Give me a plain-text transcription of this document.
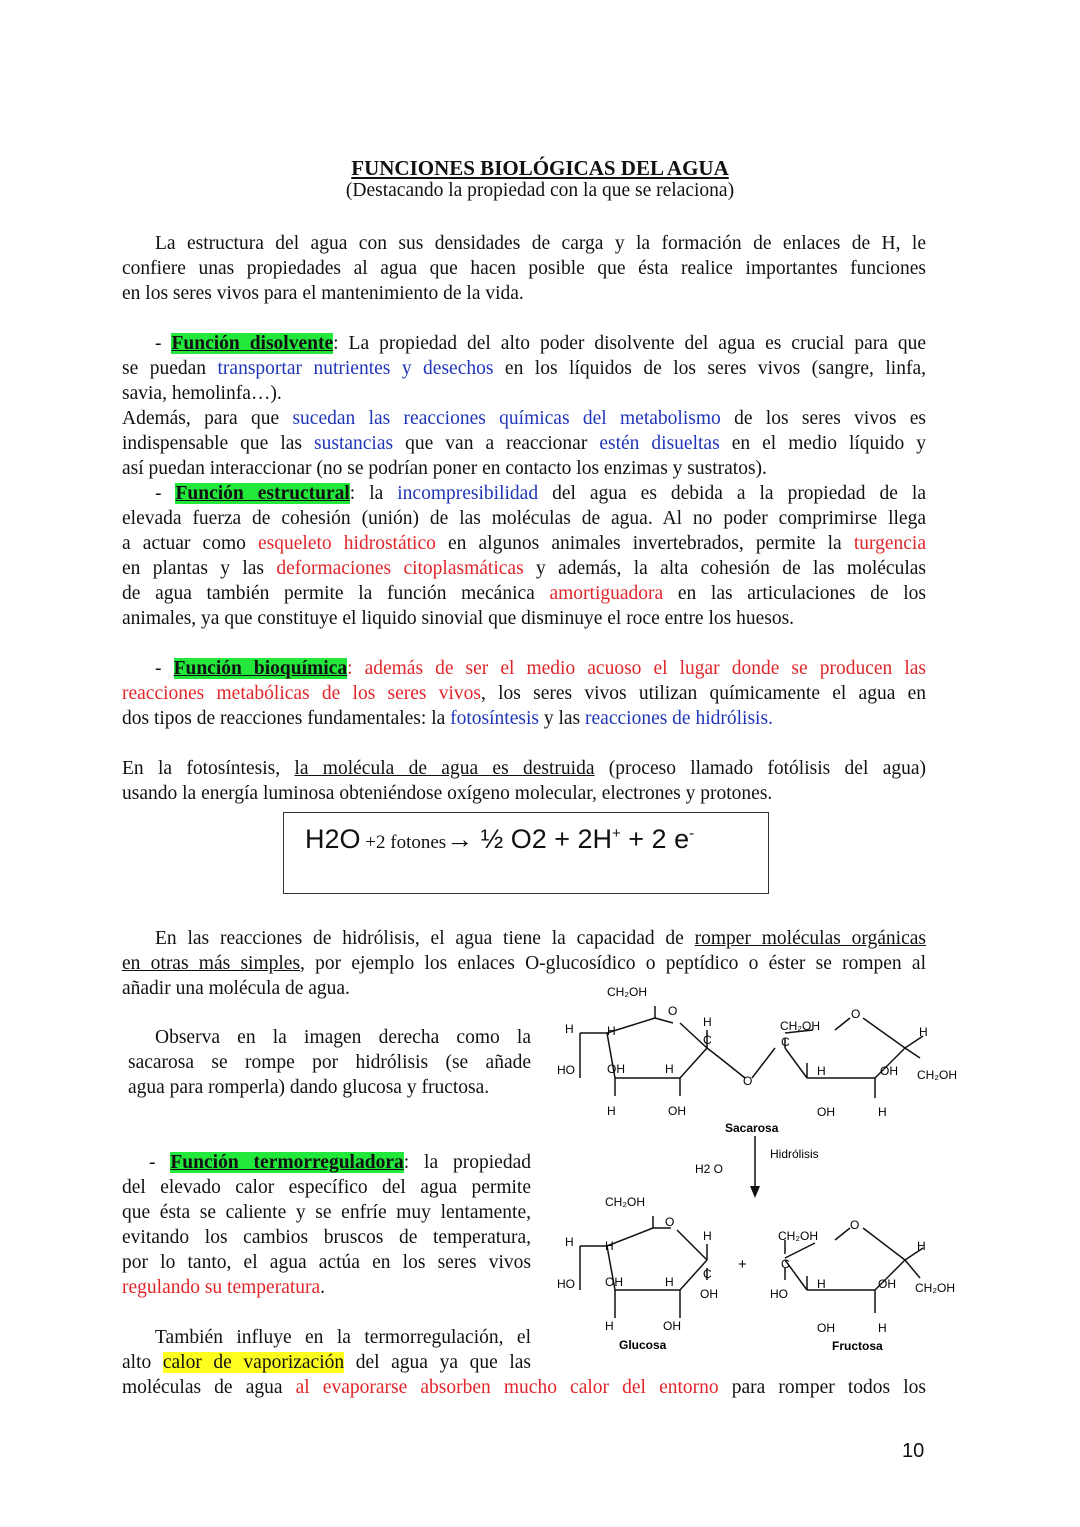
FUNCIONES BIOLÓGICAS DEL AGUA
(Destacando la propiedad con la que se relaciona)
La estructura del agua con sus densidades de carga y la formación de enlaces de H, le
confiere unas propiedades al agua que hacen posible que ésta realice importantes funciones
en los seres vivos para el mantenimiento de la vida.
- Función disolvente: La propiedad del alto poder disolvente del agua es crucial para que
se puedan transportar nutrientes y desechos en los líquidos de los seres vivos (sangre, linfa,
savia, hemolinfa…).
Además, para que sucedan las reacciones químicas del metabolismo de los seres vivos es
indispensable que las sustancias que van a reaccionar estén disueltas en el medio líquido y
así puedan interaccionar (no se podrían poner en contacto los enzimas y sustratos).
- Función estructural: la incompresibilidad del agua es debida a la propiedad de la
elevada fuerza de cohesión (unión) de las moléculas de agua. Al no poder comprimirse llega
a actuar como esqueleto hidrostático en algunos animales invertebrados, permite la turgencia
en plantas y las deformaciones citoplasmáticas y además, la alta cohesión de las moléculas
de agua también permite la función mecánica amortiguadora en las articulaciones de los
animales, ya que constituye el liquido sinovial que disminuye el roce entre los huesos.
- Función bioquímica: además de ser el medio acuoso el lugar donde se producen las
reacciones metabólicas de los seres vivos, los seres vivos utilizan químicamente el agua en
dos tipos de reacciones fundamentales: la fotosíntesis y las reacciones de hidrólisis.
En la fotosíntesis, la molécula de agua es destruida (proceso llamado fotólisis del agua)
usando la energía luminosa obteniéndose oxígeno molecular, electrones y protones.
H2O +2 fotones→ ½ O2 + 2H+ + 2 e-
En las reacciones de hidrólisis, el agua tiene la capacidad de romper moléculas orgánicas
en otras más simples, por ejemplo los enlaces O-glucosídico o peptídico o éster se rompen al
añadir una molécula de agua.
Observa en la imagen derecha como la
sacarosa se rompe por hidrólisis (se añade
agua para romperla) dando glucosa y fructosa.
- Función termorreguladora: la propiedad
del elevado calor específico del agua permite
que ésta se caliente y se enfríe muy lentamente,
evitando los cambios bruscos de temperatura,
por lo tanto, el agua actúa en los seres vivos
regulando su temperatura.
También influye en la termorregulación, el
alto calor de vaporización del agua ya que las
moléculas de agua al evaporarse absorben mucho calor del entorno para romper todos los
CH₂OH
O
H	H
HO	OH	H
H	OH
H
C
O
CH₂OH
C
O
H	OH
H
CH₂OH
OH	H
Sacarosa
Hidrólisis
H2 O
CH₂OH
O
H	H
HO	OH	H
H
C
OH
H	OH
Glucosa
+
CH₂OH
C
HO
O
H	OH
H
CH₂OH
OH	H
Fructosa
10
